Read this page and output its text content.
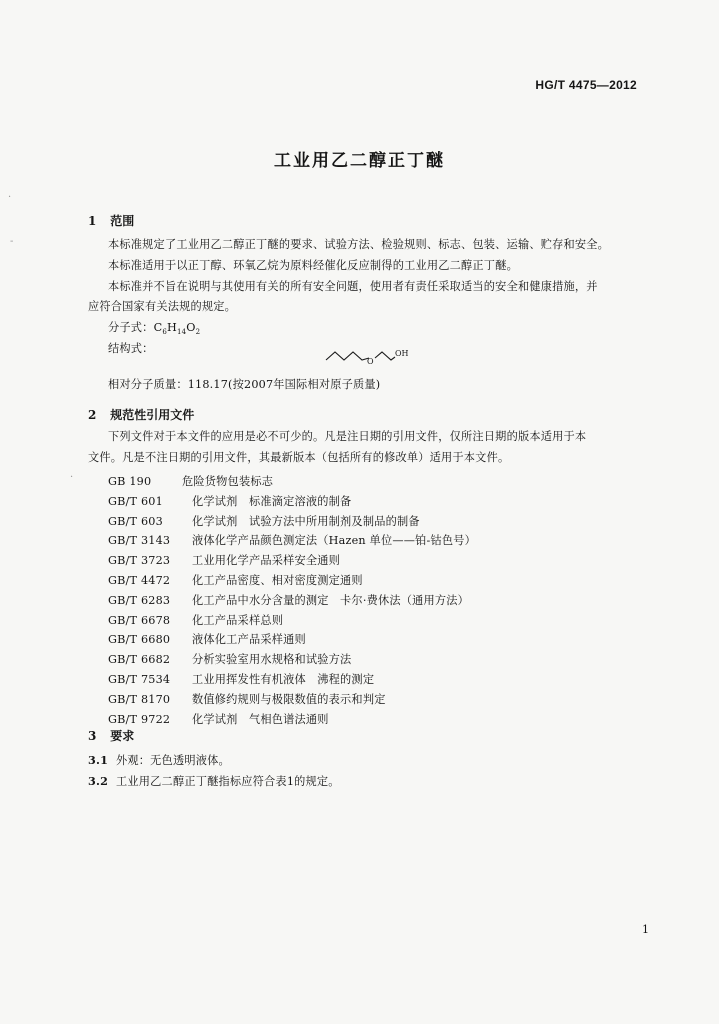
·
-
·
HG/T 4475—2012
工业用乙二醇正丁醚
1 范围
本标准规定了工业用乙二醇正丁醚的要求、试验方法、检验规则、标志、包装、运输、贮存和安全。
本标准适用于以正丁醇、环氧乙烷为原料经催化反应制得的工业用乙二醇正丁醚。
本标准并不旨在说明与其使用有关的所有安全问题，使用者有责任采取适当的安全和健康措施，并
应符合国家有关法规的规定。
分子式：$C_6H_{14}O_2$
结构式：
O
OH
相对分子质量：118.17(按2007年国际相对原子质量)
2 规范性引用文件
下列文件对于本文件的应用是必不可少的。凡是注日期的引用文件，仅所注日期的版本适用于本
文件。凡是不注日期的引用文件，其最新版本（包括所有的修改单）适用于本文件。
GB 190	危险货物包装标志
GB/T 601	化学试剂　标准滴定溶液的制备
GB/T 603	化学试剂　试验方法中所用制剂及制品的制备
GB/T 3143 液体化学产品颜色测定法（Hazen 单位——铂-钴色号）
GB/T 3723 工业用化学产品采样安全通则
GB/T 4472 化工产品密度、相对密度测定通则
GB/T 6283 化工产品中水分含量的测定　卡尔·费休法（通用方法）
GB/T 6678 化工产品采样总则
GB/T 6680 液体化工产品采样通则
GB/T 6682 分析实验室用水规格和试验方法
GB/T 7534 工业用挥发性有机液体　沸程的测定
GB/T 8170 数值修约规则与极限数值的表示和判定
GB/T 9722 化学试剂　气相色谱法通则
3 要求
3.1 外观：无色透明液体。
3.2 工业用乙二醇正丁醚指标应符合表1的规定。
1
